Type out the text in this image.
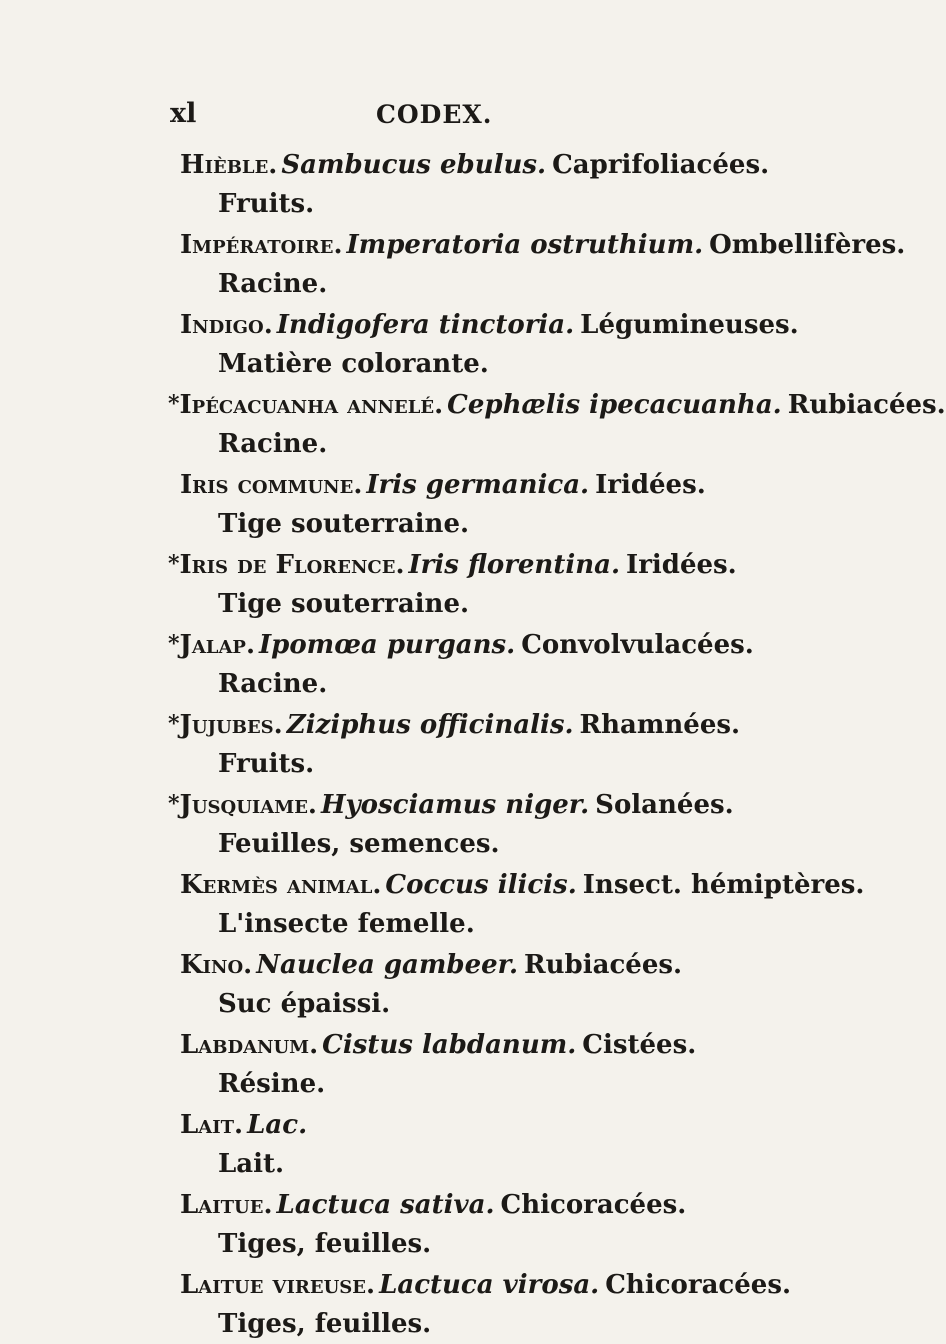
xl	CODEX.
Hièble. Sambucus ebulus. Caprifoliacées.
Fruits.
Impératoire. Imperatoria ostruthium. Ombellifères.
Racine.
Indigo. Indigofera tinctoria. Légumineuses.
Matière colorante.
*Ipécacuanha annelé. Cephælis ipecacuanha. Rubiacées.
Racine.
Iris commune. Iris germanica. Iridées.
Tige souterraine.
*Iris de Florence. Iris florentina. Iridées.
Tige souterraine.
*Jalap. Ipomœa purgans. Convolvulacées.
Racine.
*Jujubes. Ziziphus officinalis. Rhamnées.
Fruits.
*Jusquiame. Hyosciamus niger. Solanées.
Feuilles, semences.
Kermès animal. Coccus ilicis. Insect. hémiptères.
L'insecte femelle.
Kino. Nauclea gambeer. Rubiacées.
Suc épaissi.
Labdanum. Cistus labdanum. Cistées.
Résine.
Lait. Lac.
Lait.
Laitue. Lactuca sativa. Chicoracées.
Tiges, feuilles.
Laitue vireuse. Lactuca virosa. Chicoracées.
Tiges, feuilles.
